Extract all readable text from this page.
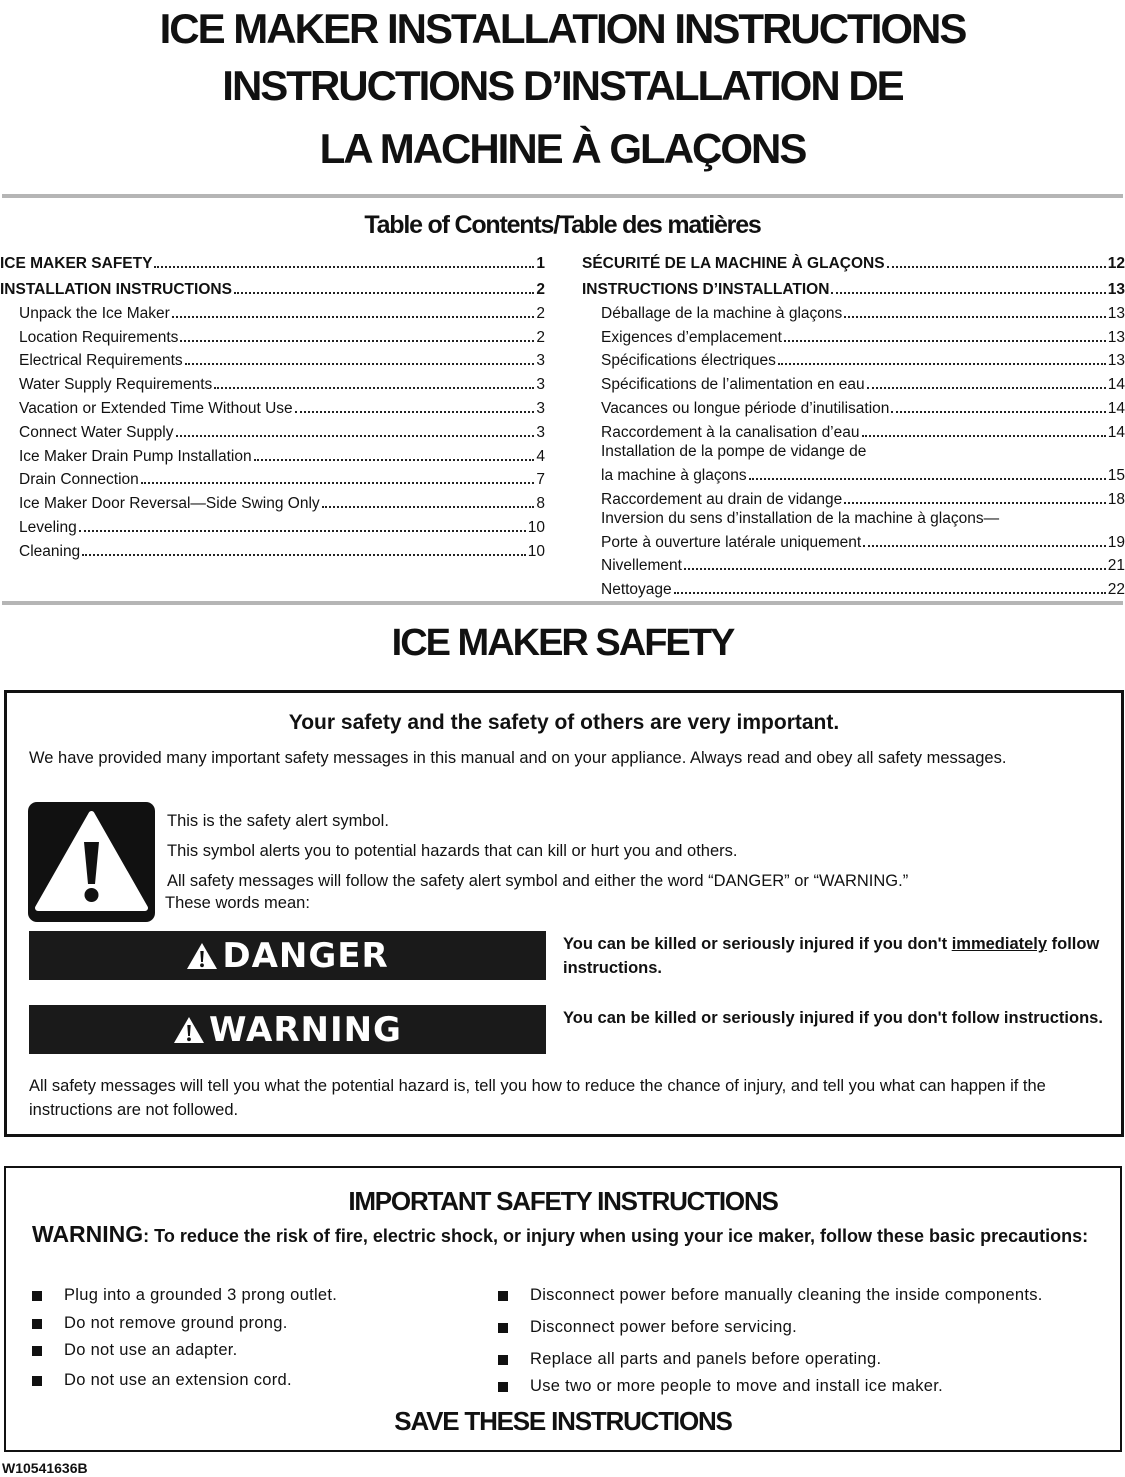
ICE MAKER INSTALLATION INSTRUCTIONS
INSTRUCTIONS D’INSTALLATION DE
LA MACHINE À GLAÇONS
Table of Contents/Table des matières
ICE MAKER SAFETY	1
INSTALLATION INSTRUCTIONS	2
Unpack the Ice Maker	2
Location Requirements	2
Electrical Requirements	3
Water Supply Requirements	3
Vacation or Extended Time Without Use	3
Connect Water Supply	3
Ice Maker Drain Pump Installation	4
Drain Connection	7
Ice Maker Door Reversal—Side Swing Only	8
Leveling	10
Cleaning	10
SÉCURITÉ DE LA MACHINE À GLAÇONS	12
INSTRUCTIONS D’INSTALLATION	13
Déballage de la machine à glaçons	13
Exigences d’emplacement	13
Spécifications électriques	13
Spécifications de l’alimentation en eau	14
Vacances ou longue période d’inutilisation	14
Raccordement à la canalisation d’eau	14
Installation de la pompe de vidange de
la machine à glaçons	15
Raccordement au drain de vidange	18
Inversion du sens d’installation de la machine à glaçons—
Porte à ouverture latérale uniquement	19
Nivellement	21
Nettoyage	22
ICE MAKER SAFETY
Your safety and the safety of others are very important.
We have provided many important safety messages in this manual and on your appliance. Always read and obey all safety messages.
This is the safety alert symbol.
This symbol alerts you to potential hazards that can kill or hurt you and others.
All safety messages will follow the safety alert symbol and either the word “DANGER” or “WARNING.”
These words mean:
DANGER	You can be killed or seriously injured if you don't immediately follow instructions.
WARNING	You can be killed or seriously injured if you don't follow instructions.
All safety messages will tell you what the potential hazard is, tell you how to reduce the chance of injury, and tell you what can happen if the instructions are not followed.
IMPORTANT SAFETY INSTRUCTIONS
WARNING: To reduce the risk of fire, electric shock, or injury when using your ice maker, follow these basic precautions:
Plug into a grounded 3 prong outlet.
Do not remove ground prong.
Do not use an adapter.
Do not use an extension cord.
Disconnect power before manually cleaning the inside components.
Disconnect power before servicing.
Replace all parts and panels before operating.
Use two or more people to move and install ice maker.
SAVE THESE INSTRUCTIONS
W10541636B
